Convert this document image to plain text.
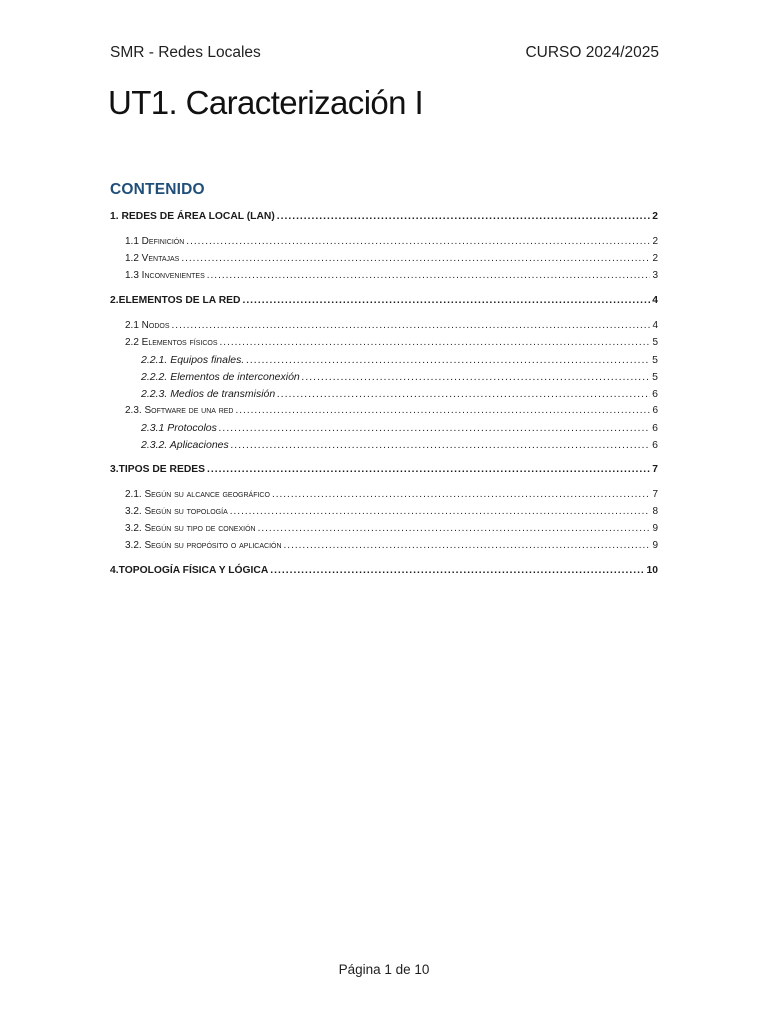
SMR - Redes Locales	CURSO 2024/2025
UT1. Caracterización I
CONTENIDO
1. REDES DE ÁREA LOCAL (LAN) .....	2
1.1 Definición .....	2
1.2 Ventajas .....	2
1.3 Inconvenientes .....	3
2. ELEMENTOS DE LA RED .....	4
2.1 Nodos .....	4
2.2 Elementos físicos .....	5
2.2.1. Equipos finales. .....	5
2.2.2. Elementos de interconexión .....	5
2.2.3. Medios de transmisión .....	6
2.3. Software de una red .....	6
2.3.1 Protocolos .....	6
2.3.2. Aplicaciones .....	6
3. TIPOS DE REDES .....	7
2.1. Según su alcance geográfico .....	7
3.2. Según su topología .....	8
3.2. Según su tipo de conexión .....	9
3.2. Según su propósito o aplicación .....	9
4. TOPOLOGÍA FÍSICA Y LÓGICA .....	10
Página 1 de 10
